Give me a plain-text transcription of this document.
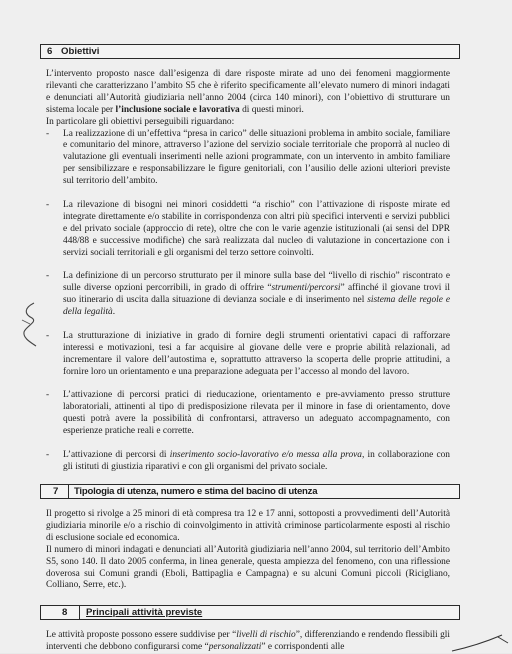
6 Obiettivi

L’intervento proposto nasce dall’esigenza di dare risposte mirate ad uno dei fenomeni maggiormente rilevanti che caratterizzano l’ambito S5 che è riferito specificamente all’elevato numero di minori indagati e denunciati all’Autorità giudiziaria nell’anno 2004 (circa 140 minori), con l’obiettivo di strutturare un sistema locale per l’inclusione sociale e lavorativa di questi minori.

In particolare gli obiettivi perseguibili riguardano:

- La realizzazione di un’effettiva “presa in carico” delle situazioni problema in ambito sociale, familiare e comunitario del minore, attraverso l’azione del servizio sociale territoriale che proporrà al nucleo di valutazione gli eventuali inserimenti nelle azioni programmate, con un intervento in ambito familiare per sensibilizzare e responsabilizzare le figure genitoriali, con l’ausilio delle azioni ulteriori previste sul territorio dell’ambito.

- La rilevazione di bisogni nei minori cosiddetti “a rischio” con l’attivazione di risposte mirate ed integrate direttamente e/o stabilite in corrispondenza con altri più specifici interventi e servizi pubblici e del privato sociale (approccio di rete), oltre che con le varie agenzie istituzionali (ai sensi del DPR 448/88 e successive modifiche) che sarà realizzata dal nucleo di valutazione in concertazione con i servizi sociali territoriali e gli organismi del terzo settore coinvolti.

- La definizione di un percorso strutturato per il minore sulla base del “livello di rischio” riscontrato e sulle diverse opzioni percorribili, in grado di offrire “strumenti/percorsi” affinché il giovane trovi il suo itinerario di uscita dalla situazione di devianza sociale e di inserimento nel sistema delle regole e della legalità.

- La strutturazione di iniziative in grado di fornire degli strumenti orientativi capaci di rafforzare interessi e motivazioni, tesi a far acquisire al giovane delle vere e proprie abilità relazionali, ad incrementare il valore dell’autostima e, soprattutto attraverso la scoperta delle proprie attitudini, a fornire loro un orientamento e una preparazione adeguata per l’accesso al mondo del lavoro.

- L’attivazione di percorsi pratici di rieducazione, orientamento e pre-avviamento presso strutture laboratoriali, attinenti al tipo di predisposizione rilevata per il minore in fase di orientamento, dove questi potrà avere la possibilità di confrontarsi, attraverso un adeguato accompagnamento, con esperienze pratiche reali e corrette.

- L’attivazione di percorsi di inserimento socio-lavorativo e/o messa alla prova, in collaborazione con gli istituti di giustizia riparativi e con gli organismi del privato sociale.

7 Tipologia di utenza, numero e stima del bacino di utenza

Il progetto si rivolge a 25 minori di età compresa tra 12 e 17 anni, sottoposti a provvedimenti dell’Autorità giudiziaria minorile e/o a rischio di coinvolgimento in attività criminose particolarmente esposti al rischio di esclusione sociale ed economica.

Il numero di minori indagati e denunciati all’Autorità giudiziaria nell’anno 2004, sul territorio dell’Ambito S5, sono 140. Il dato 2005 conferma, in linea generale, questa ampiezza del fenomeno, con una riflessione doverosa sui Comuni grandi (Eboli, Battipaglia e Campagna) e su alcuni Comuni piccoli (Ricigliano, Colliano, Serre, etc.).

8 Principali attività previste

Le attività proposte possono essere suddivise per “livelli di rischio”, differenziando e rendendo flessibili gli interventi che debbono configurarsi come “personalizzati” e corrispondenti alle
